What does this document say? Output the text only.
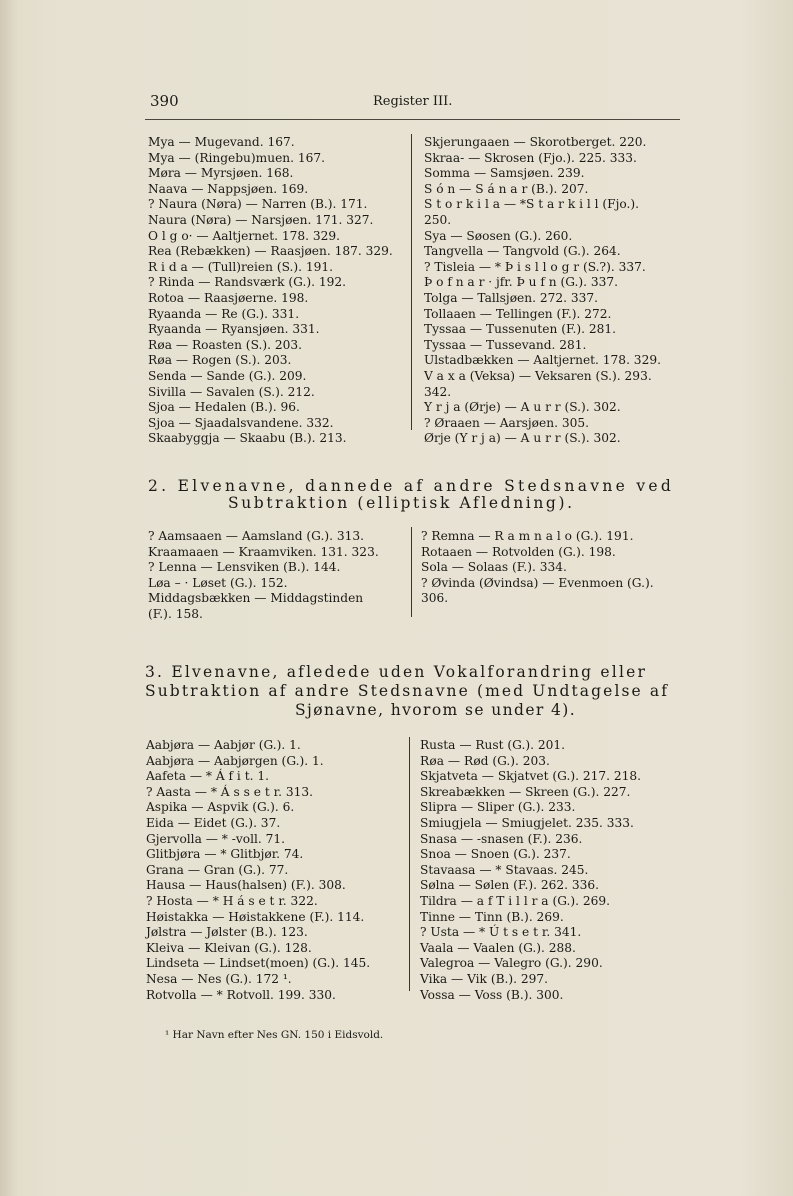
390	Register III.
Mya — Mugevand. 167.
Mya — (Ringebu)muen. 167.
Møra — Myrsjøen. 168.
Naava — Nappsjøen. 169.
? Naura (Nøra) — Narren (B.). 171.
Naura (Nøra) — Narsjøen. 171. 327.
O l g o· — Aaltjernet. 178. 329.
Rea (Rebækken) — Raasjøen. 187. 329.
R i d a — (Tull)reien (S.). 191.
? Rinda — Randsværk (G.). 192.
Rotoa — Raasjøerne. 198.
Ryaanda — Re (G.). 331.
Ryaanda — Ryansjøen. 331.
Røa — Roasten (S.). 203.
Røa — Rogen (S.). 203.
Senda — Sande (G.). 209.
Sivilla — Savalen (S.). 212.
Sjoa — Hedalen (B.). 96.
Sjoa — Sjaadalsvandene. 332.
Skaabyggja — Skaabu (B.). 213.
Skjerungaaen — Skorotberget. 220.
Skraa- — Skrosen (Fjo.). 225. 333.
Somma — Samsjøen. 239.
S ó n — S á n a r (B.). 207.
S t o r k i l a — *S t a r k i l l (Fjo.).
250.
Sya — Søosen (G.). 260.
Tangvella — Tangvold (G.). 264.
? Tisleia — * Þ i s l l o g r (S.?). 337.
Þ o f n a r · jfr. Þ u f n (G.). 337.
Tolga — Tallsjøen. 272. 337.
Tollaaen — Tellingen (F.). 272.
Tyssaa — Tussenuten (F.). 281.
Tyssaa — Tussevand. 281.
Ulstadbækken — Aaltjernet. 178. 329.
V a x a (Veksa) — Veksaren (S.). 293.
342.
Y r j a (Ørje) — A u r r (S.). 302.
? Øraaen — Aarsjøen. 305.
Ørje (Y r j a) — A u r r (S.). 302.
2. Elvenavne, dannede af andre Stedsnavne ved
Subtraktion (elliptisk Afledning).
? Aamsaaen — Aamsland (G.). 313.
Kraamaaen — Kraamviken. 131. 323.
? Lenna — Lensviken (B.). 144.
Løa – · Løset (G.). 152.
Middagsbækken — Middagstinden
(F.). 158.
? Remna — R a m n a l o (G.). 191.
Rotaaen — Rotvolden (G.). 198.
Sola — Solaas (F.). 334.
? Øvinda (Øvindsa) — Evenmoen (G.).
306.
3. Elvenavne, afledede uden Vokalforandring eller
Subtraktion af andre Stedsnavne (med Undtagelse af
Sjønavne, hvorom se under 4).
Aabjøra — Aabjør (G.). 1.
Aabjøra — Aabjørgen (G.). 1.
Aafeta — * Á f i t. 1.
? Aasta — * Á s s e t r. 313.
Aspika — Aspvik (G.). 6.
Eida — Eidet (G.). 37.
Gjervolla — * -voll. 71.
Glitbjøra — * Glitbjør. 74.
Grana — Gran (G.). 77.
Hausa — Haus(halsen) (F.). 308.
? Hosta — * H á s e t r. 322.
Høistakka — Høistakkene (F.). 114.
Jølstra — Jølster (B.). 123.
Kleiva — Kleivan (G.). 128.
Lindseta — Lindset(moen) (G.). 145.
Nesa — Nes (G.). 172 ¹.
Rotvolla — * Rotvoll. 199. 330.
Rusta — Rust (G.). 201.
Røa — Rød (G.). 203.
Skjatveta — Skjatvet (G.). 217. 218.
Skreabækken — Skreen (G.). 227.
Slipra — Sliper (G.). 233.
Smiugjela — Smiugjelet. 235. 333.
Snasa — -snasen (F.). 236.
Snoa — Snoen (G.). 237.
Stavaasa — * Stavaas. 245.
Sølna — Sølen (F.). 262. 336.
Tildra — a f T i l l r a (G.). 269.
Tinne — Tinn (B.). 269.
? Usta — * Ú t s e t r. 341.
Vaala — Vaalen (G.). 288.
Valegroa — Valegro (G.). 290.
Vika — Vik (B.). 297.
Vossa — Voss (B.). 300.
¹ Har Navn efter Nes GN. 150 i Eidsvold.
